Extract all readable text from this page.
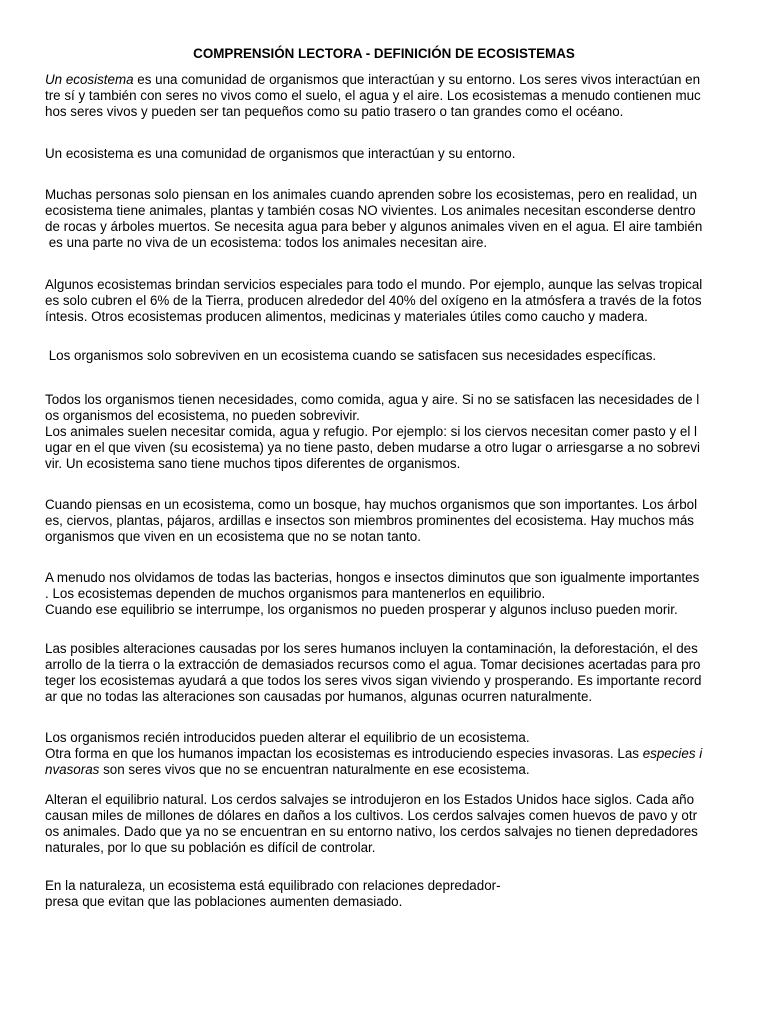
COMPRENSIÓN LECTORA - DEFINICIÓN DE ECOSISTEMAS

Un ecosistema es una comunidad de organismos que interactúan y su entorno. Los seres vivos interactúan en
tre sí y también con seres no vivos como el suelo, el agua y el aire. Los ecosistemas a menudo contienen muc
hos seres vivos y pueden ser tan pequeños como su patio trasero o tan grandes como el océano.

Un ecosistema es una comunidad de organismos que interactúan y su entorno.

Muchas personas solo piensan en los animales cuando aprenden sobre los ecosistemas, pero en realidad, un
ecosistema tiene animales, plantas y también cosas NO vivientes. Los animales necesitan esconderse dentro
de rocas y árboles muertos. Se necesita agua para beber y algunos animales viven en el agua. El aire también
es una parte no viva de un ecosistema: todos los animales necesitan aire.

Algunos ecosistemas brindan servicios especiales para todo el mundo. Por ejemplo, aunque las selvas tropical
es solo cubren el 6% de la Tierra, producen alrededor del 40% del oxígeno en la atmósfera a través de la fotos
íntesis. Otros ecosistemas producen alimentos, medicinas y materiales útiles como caucho y madera.

Los organismos solo sobreviven en un ecosistema cuando se satisfacen sus necesidades específicas.

Todos los organismos tienen necesidades, como comida, agua y aire. Si no se satisfacen las necesidades de l
os organismos del ecosistema, no pueden sobrevivir.
Los animales suelen necesitar comida, agua y refugio. Por ejemplo: si los ciervos necesitan comer pasto y el l
ugar en el que viven (su ecosistema) ya no tiene pasto, deben mudarse a otro lugar o arriesgarse a no sobrevi
vir. Un ecosistema sano tiene muchos tipos diferentes de organismos.

Cuando piensas en un ecosistema, como un bosque, hay muchos organismos que son importantes. Los árbol
es, ciervos, plantas, pájaros, ardillas e insectos son miembros prominentes del ecosistema. Hay muchos más
organismos que viven en un ecosistema que no se notan tanto.

A menudo nos olvidamos de todas las bacterias, hongos e insectos diminutos que son igualmente importantes
. Los ecosistemas dependen de muchos organismos para mantenerlos en equilibrio.
Cuando ese equilibrio se interrumpe, los organismos no pueden prosperar y algunos incluso pueden morir.

Las posibles alteraciones causadas por los seres humanos incluyen la contaminación, la deforestación, el des
arrollo de la tierra o la extracción de demasiados recursos como el agua. Tomar decisiones acertadas para pro
teger los ecosistemas ayudará a que todos los seres vivos sigan viviendo y prosperando. Es importante record
ar que no todas las alteraciones son causadas por humanos, algunas ocurren naturalmente.

Los organismos recién introducidos pueden alterar el equilibrio de un ecosistema.
Otra forma en que los humanos impactan los ecosistemas es introduciendo especies invasoras. Las especies i
nvasoras son seres vivos que no se encuentran naturalmente en ese ecosistema.

Alteran el equilibrio natural. Los cerdos salvajes se introdujeron en los Estados Unidos hace siglos. Cada año
causan miles de millones de dólares en daños a los cultivos. Los cerdos salvajes comen huevos de pavo y otr
os animales. Dado que ya no se encuentran en su entorno nativo, los cerdos salvajes no tienen depredadores
naturales, por lo que su población es difícil de controlar.

En la naturaleza, un ecosistema está equilibrado con relaciones depredador-
presa que evitan que las poblaciones aumenten demasiado.
